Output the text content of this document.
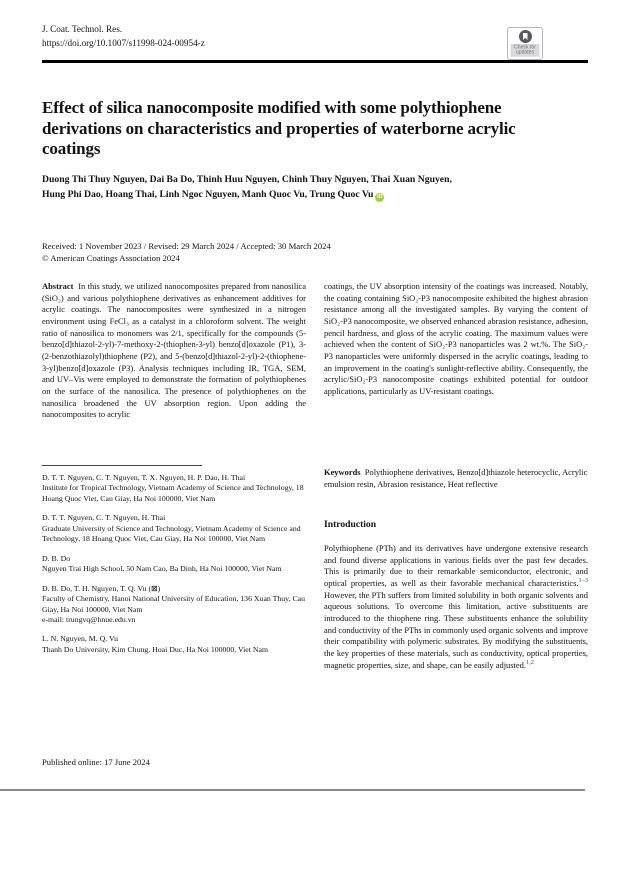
J. Coat. Technol. Res.
https://doi.org/10.1007/s11998-024-00954-z	Check for
updates
Effect of silica nanocomposite modified with some polythiophene derivations on characteristics and properties of waterborne acrylic coatings
Duong Thi Thuy Nguyen, Dai Ba Do, Thinh Huu Nguyen, Chinh Thuy Nguyen, Thai Xuan Nguyen,
Hung Phi Dao, Hoang Thai, Linh Ngoc Nguyen, Manh Quoc Vu, Trung Quoc Vu iD
Received: 1 November 2023 / Revised: 29 March 2024 / Accepted: 30 March 2024
© American Coatings Association 2024

Abstract In this study, we utilized nanocomposites prepared from nanosilica (SiO₂) and various polythiophene derivatives as enhancement additives for acrylic coatings. The nanocomposites were synthesized in a nitrogen environment using FeCl₃ as a catalyst in a chloroform solvent. The weight ratio of nanosilica to monomers was 2/1, specifically for the compounds (5-benzo[d]thiazol-2-yl)-7-methoxy-2-(thiophen-3-yl) benzo[d]oxazole (P1), 3-(2-benzothiazolyl)thiophene (P2), and 5-(benzo[d]thiazol-2-yl)-2-(thiophene-3-yl)benzo[d]oxazole (P3). Analysis techniques including IR, TGA, SEM, and UV–Vis were employed to demonstrate the formation of polythiophenes on the surface of the nanosilica. The presence of polythiophenes on the nanosilica broadened the UV absorption region. Upon adding the nanocomposites to acrylic

D. T. T. Nguyen, C. T. Nguyen, T. X. Nguyen, H. P. Dao, H. Thai
Institute for Tropical Technology, Vietnam Academy of Science and Technology, 18 Hoang Quoc Viet, Cau Giay, Ha Noi 100000, Viet Nam
D. T. T. Nguyen, C. T. Nguyen, H. Thai
Graduate University of Science and Technology, Vietnam Academy of Science and Technology, 18 Hoang Quoc Viet, Cau Giay, Ha Noi 100000, Viet Nam
D. B. Do
Nguyen Trai High School, 50 Nam Cao, Ba Dinh, Ha Noi 100000, Viet Nam
D. B. Do, T. H. Nguyen, T. Q. Vu (⊠)
Faculty of Chemistry, Hanoi National University of Education, 136 Xuan Thuy, Cau Giay, Ha Noi 100000, Viet Nam
e-mail: trungvq@hnue.edu.vn
L. N. Nguyen, M. Q. Vu
Thanh Do University, Kim Chung, Hoai Duc, Ha Noi 100000, Viet Nam

coatings, the UV absorption intensity of the coatings was increased. Notably, the coating containing SiO₂-P3 nanocomposite exhibited the highest abrasion resistance among all the investigated samples. By varying the content of SiO₂-P3 nanocomposite, we observed enhanced abrasion resistance, adhesion, pencil hardness, and gloss of the acrylic coating. The maximum values were achieved when the content of SiO₂-P3 nanoparticles was 2 wt.%. The SiO₂-P3 nanoparticles were uniformly dispersed in the acrylic coatings, leading to an improvement in the coating's sunlight-reflective ability. Consequently, the acrylic/SiO₂-P3 nanocomposite coatings exhibited potential for outdoor applications, particularly as UV-resistant coatings.

Keywords Polythiophene derivatives, Benzo[d]thiazole heterocyclic, Acrylic emulsion resin, Abrasion resistance, Heat reflective
Introduction

Polythiophene (PTh) and its derivatives have undergone extensive research and found diverse applications in various fields over the past few decades. This is primarily due to their remarkable semiconductor, electronic, and optical properties, as well as their favorable mechanical characteristics.$^{1-3}$ However, the PTh suffers from limited solubility in both organic solvents and aqueous solutions. To overcome this limitation, active substituents are introduced to the thiophene ring. These substituents enhance the solubility and conductivity of the PThs in commonly used organic solvents and improve their compatibility with polymeric substrates. By modifying the substituents, the key properties of these materials, such as conductivity, optical properties, magnetic properties, size, and shape, can be easily adjusted.$^{1,2}$

Published online: 17 June 2024
